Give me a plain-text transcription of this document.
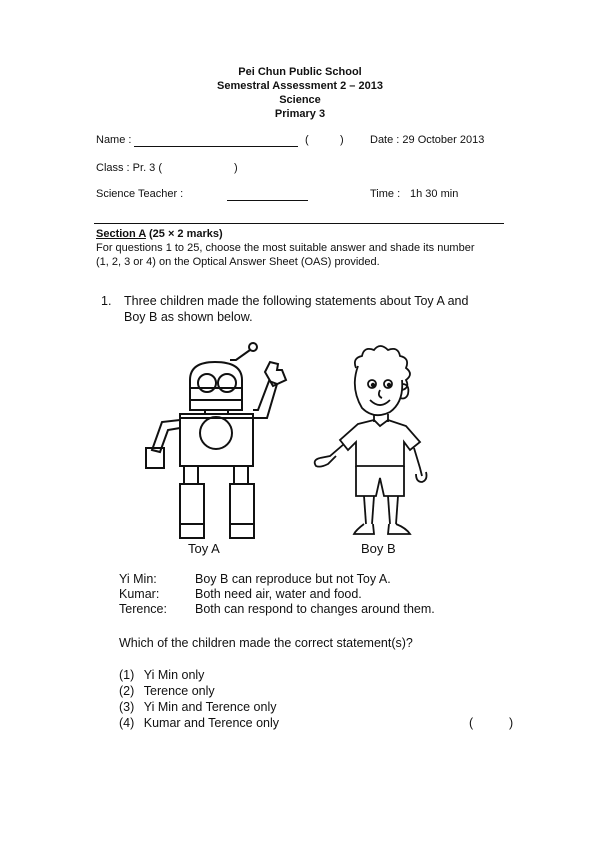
Pei Chun Public School
Semestral Assessment 2 – 2013
Science
Primary 3
Name :	(	) Date : 29 October 2013
Class : Pr. 3 (	)
Science Teacher :	Time : 1h 30 min
Section A (25 × 2 marks)
For questions 1 to 25, choose the most suitable answer and shade its number
(1, 2, 3 or 4) on the Optical Answer Sheet (OAS) provided.
1. Three children made the following statements about Toy A and
Boy B as shown below.
Toy A	Boy B
Yi Min:	Boy B can reproduce but not Toy A.
Kumar:	Both need air, water and food.
Terence: Both can respond to changes around them.
Which of the children made the correct statement(s)?
(1) Yi Min only
(2) Terence only
(3) Yi Min and Terence only
(4) Kumar and Terence only	(	)
